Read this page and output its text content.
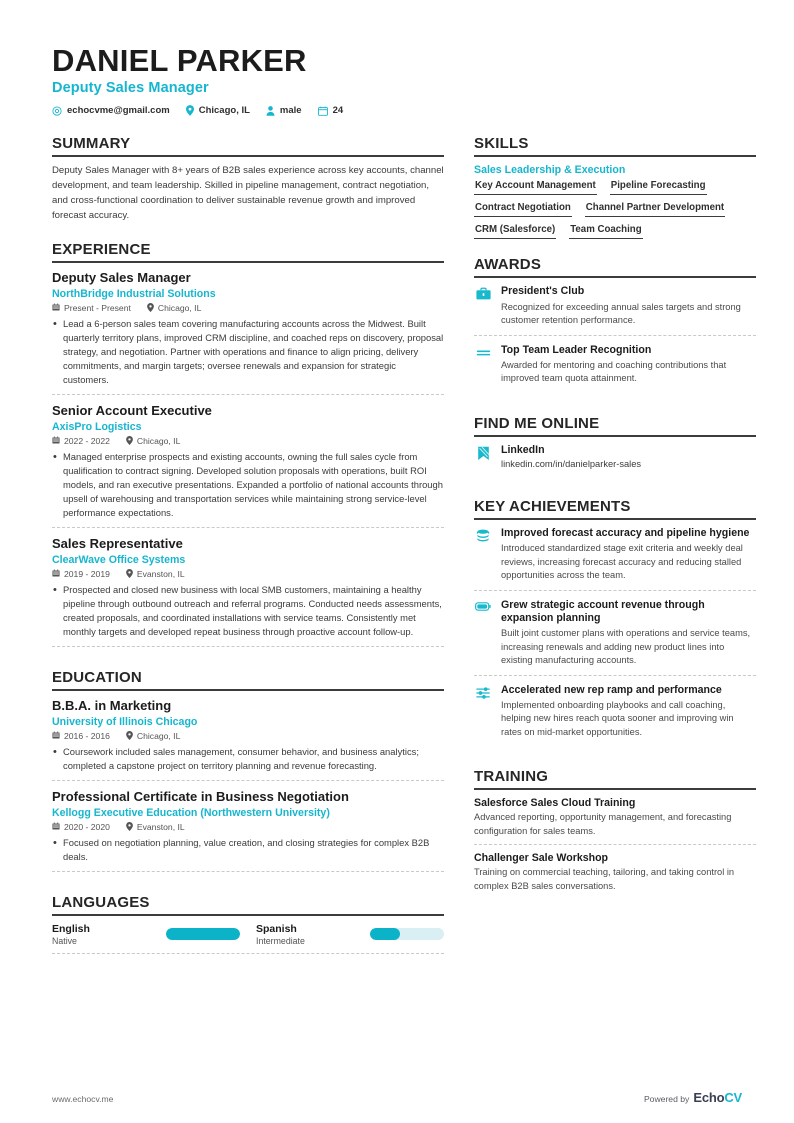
DANIEL PARKER
Deputy Sales Manager
echocvme@gmail.com	Chicago, IL	male	24
SUMMARY
Deputy Sales Manager with 8+ years of B2B sales experience across key accounts, channel development, and team leadership. Skilled in pipeline management, contract negotiation, and cross-functional coordination to deliver sustainable revenue growth and improved forecast accuracy.
EXPERIENCE
Deputy Sales Manager
NorthBridge Industrial Solutions
Present - Present	Chicago, IL
• Lead a 6-person sales team covering manufacturing accounts across the Midwest. Built quarterly territory plans, improved CRM discipline, and coached reps on discovery, proposal strategy, and negotiation. Partner with operations and finance to align pricing, delivery commitments, and margin targets; oversee renewals and expansion for strategic customers.
Senior Account Executive
AxisPro Logistics
2022 - 2022	Chicago, IL
• Managed enterprise prospects and existing accounts, owning the full sales cycle from qualification to contract signing. Developed solution proposals with operations, built ROI models, and ran executive presentations. Expanded a portfolio of national accounts through upsell of warehousing and transportation services while maintaining strong service-level performance expectations.
Sales Representative
ClearWave Office Systems
2019 - 2019	Evanston, IL
• Prospected and closed new business with local SMB customers, maintaining a healthy pipeline through outbound outreach and referral programs. Conducted needs assessments, created proposals, and coordinated installations with service teams. Consistently met monthly targets and developed repeat business through proactive account follow-up.
EDUCATION
B.B.A. in Marketing
University of Illinois Chicago
2016 - 2016	Chicago, IL
• Coursework included sales management, consumer behavior, and business analytics; completed a capstone project on territory planning and revenue forecasting.
Professional Certificate in Business Negotiation
Kellogg Executive Education (Northwestern University)
2020 - 2020	Evanston, IL
• Focused on negotiation planning, value creation, and closing strategies for complex B2B deals.
LANGUAGES
English
Native
Spanish
Intermediate
SKILLS
Sales Leadership & Execution
Key Account Management Pipeline Forecasting
Contract Negotiation Channel Partner Development
CRM (Salesforce) Team Coaching
AWARDS
President's Club
Recognized for exceeding annual sales targets and strong customer retention performance.
Top Team Leader Recognition
Awarded for mentoring and coaching contributions that improved team quota attainment.
FIND ME ONLINE
LinkedIn
linkedin.com/in/danielparker-sales
KEY ACHIEVEMENTS
Improved forecast accuracy and pipeline hygiene
Introduced standardized stage exit criteria and weekly deal reviews, increasing forecast accuracy and reducing stalled opportunities across the team.
Grew strategic account revenue through expansion planning
Built joint customer plans with operations and service teams, increasing renewals and adding new product lines into existing manufacturing accounts.
Accelerated new rep ramp and performance
Implemented onboarding playbooks and call coaching, helping new hires reach quota sooner and improving win rates on mid-market opportunities.
TRAINING
Salesforce Sales Cloud Training
Advanced reporting, opportunity management, and forecasting configuration for sales teams.
Challenger Sale Workshop
Training on commercial teaching, tailoring, and taking control in complex B2B sales conversations.
www.echocv.me	Powered by EchoCV
